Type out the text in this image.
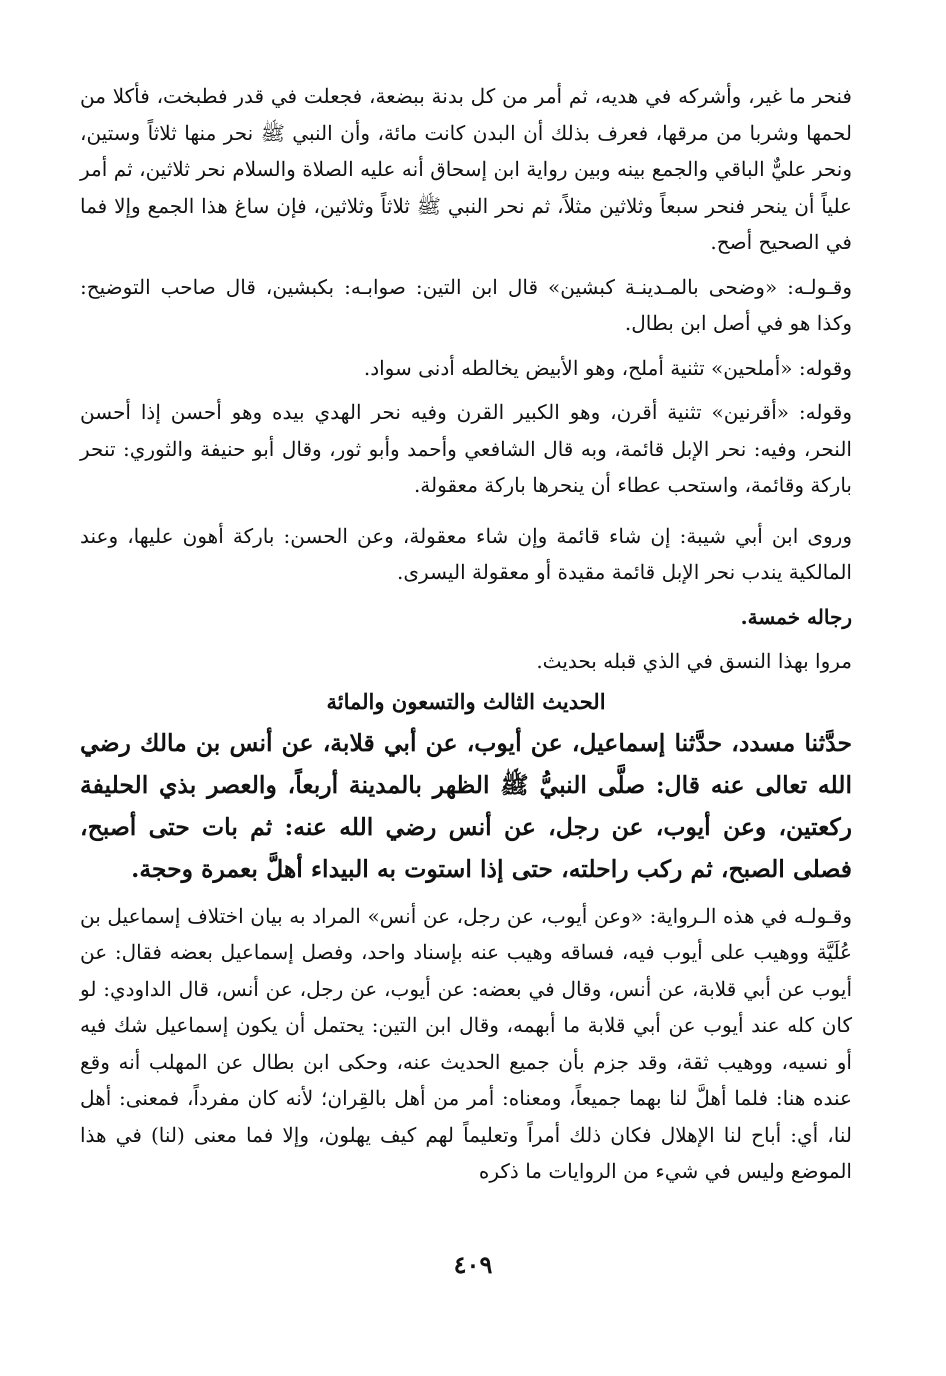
فنحر ما غير، وأشركه في هديه، ثم أمر من كل بدنة ببضعة، فجعلت في قدر فطبخت، فأكلا من لحمها وشربا من مرقها، فعرف بذلك أن البدن كانت مائة، وأن النبي ﷺ نحر منها ثلاثاً وستين، ونحر عليٌّ الباقي والجمع بينه وبين رواية ابن إسحاق أنه عليه الصلاة والسلام نحر ثلاثين، ثم أمر علياً أن ينحر فنحر سبعاً وثلاثين مثلاً، ثم نحر النبي ﷺ ثلاثاً وثلاثين، فإن ساغ هذا الجمع وإلا فما في الصحيح أصح.

وقـولـه: «وضحى بالمـدينـة كبشين» قال ابن التين: صوابـه: بكبشين، قال صاحب التوضيح: وكذا هو في أصل ابن بطال.

وقوله: «أملحين» تثنية أملح، وهو الأبيض يخالطه أدنى سواد.

وقوله: «أقرنين» تثنية أقرن، وهو الكبير القرن وفيه نحر الهدي بيده وهو أحسن إذا أحسن النحر، وفيه: نحر الإبل قائمة، وبه قال الشافعي وأحمد وأبو ثور، وقال أبو حنيفة والثوري: تنحر باركة وقائمة، واستحب عطاء أن ينحرها باركة معقولة.

وروى ابن أبي شيبة: إن شاء قائمة وإن شاء معقولة، وعن الحسن: باركة أهون عليها، وعند المالكية يندب نحر الإبل قائمة مقيدة أو معقولة اليسرى.

رجاله خمسة.

مروا بهذا النسق في الذي قبله بحديث.

الحديث الثالث والتسعون والمائة

حدَّثنا مسدد، حدَّثنا إسماعيل، عن أيوب، عن أبي قلابة، عن أنس بن مالك رضي الله تعالى عنه قال: صلَّى النبيُّ ﷺ الظهر بالمدينة أربعاً، والعصر بذي الحليفة ركعتين، وعن أيوب، عن رجل، عن أنس رضي الله عنه: ثم بات حتى أصبح، فصلى الصبح، ثم ركب راحلته، حتى إذا استوت به البيداء أهلَّ بعمرة وحجة.

وقـولـه في هذه الـرواية: «وعن أيوب، عن رجل، عن أنس» المراد به بيان اختلاف إسماعيل بن عُلَيَّة ووهيب على أيوب فيه، فساقه وهيب عنه بإسناد واحد، وفصل إسماعيل بعضه فقال: عن أيوب عن أبي قلابة، عن أنس، وقال في بعضه: عن أيوب، عن رجل، عن أنس، قال الداودي: لو كان كله عند أيوب عن أبي قلابة ما أبهمه، وقال ابن التين: يحتمل أن يكون إسماعيل شك فيه أو نسيه، ووهيب ثقة، وقد جزم بأن جميع الحديث عنه، وحكى ابن بطال عن المهلب أنه وقع عنده هنا: فلما أهلَّ لنا بهما جميعاً، ومعناه: أمر من أهل بالقِران؛ لأنه كان مفرداً، فمعنى: أهل لنا، أي: أباح لنا الإهلال فكان ذلك أمراً وتعليماً لهم كيف يهلون، وإلا فما معنى (لنا) في هذا الموضع وليس في شيء من الروايات ما ذكره

٤٠٩
